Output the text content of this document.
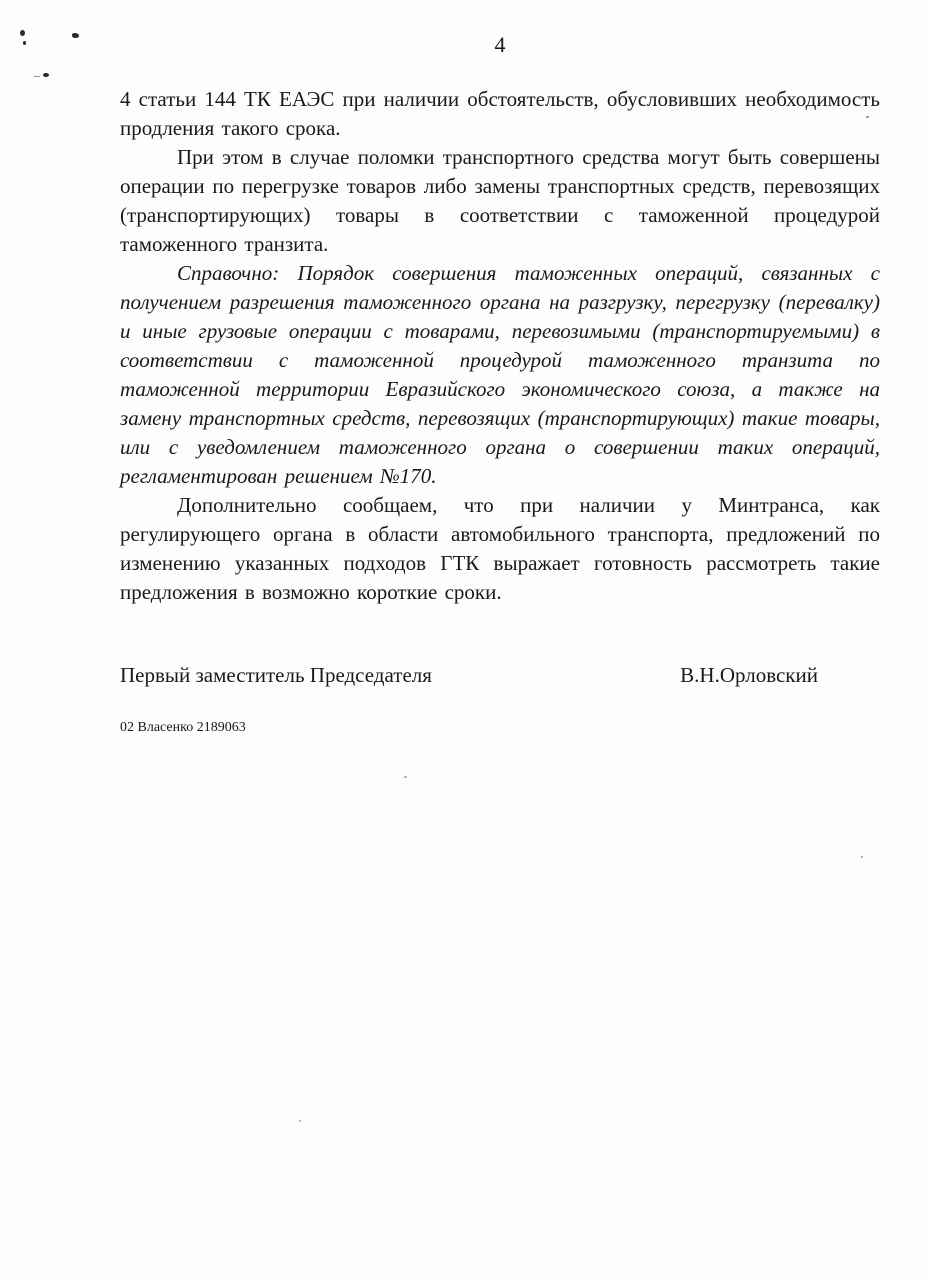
4

4 статьи 144 ТК ЕАЭС при наличии обстоятельств, обусловивших необходимость продления такого срока.

При этом в случае поломки транспортного средства могут быть совершены операции по перегрузке товаров либо замены транспортных средств, перевозящих (транспортирующих) товары в соответствии с таможенной процедурой таможенного транзита.

Справочно: Порядок совершения таможенных операций, связанных с получением разрешения таможенного органа на разгрузку, перегрузку (перевалку) и иные грузовые операции с товарами, перевозимыми (транспортируемыми) в соответствии с таможенной процедурой таможенного транзита по таможенной территории Евразийского экономического союза, а также на замену транспортных средств, перевозящих (транспортирующих) такие товары, или с уведомлением таможенного органа о совершении таких операций, регламентирован решением №170.

Дополнительно сообщаем, что при наличии у Минтранса, как регулирующего органа в области автомобильного транспорта, предложений по изменению указанных подходов ГТК выражает готовность рассмотреть такие предложения в возможно короткие сроки.

Первый заместитель Председателя	В.Н.Орловский
02 Власенко 2189063
